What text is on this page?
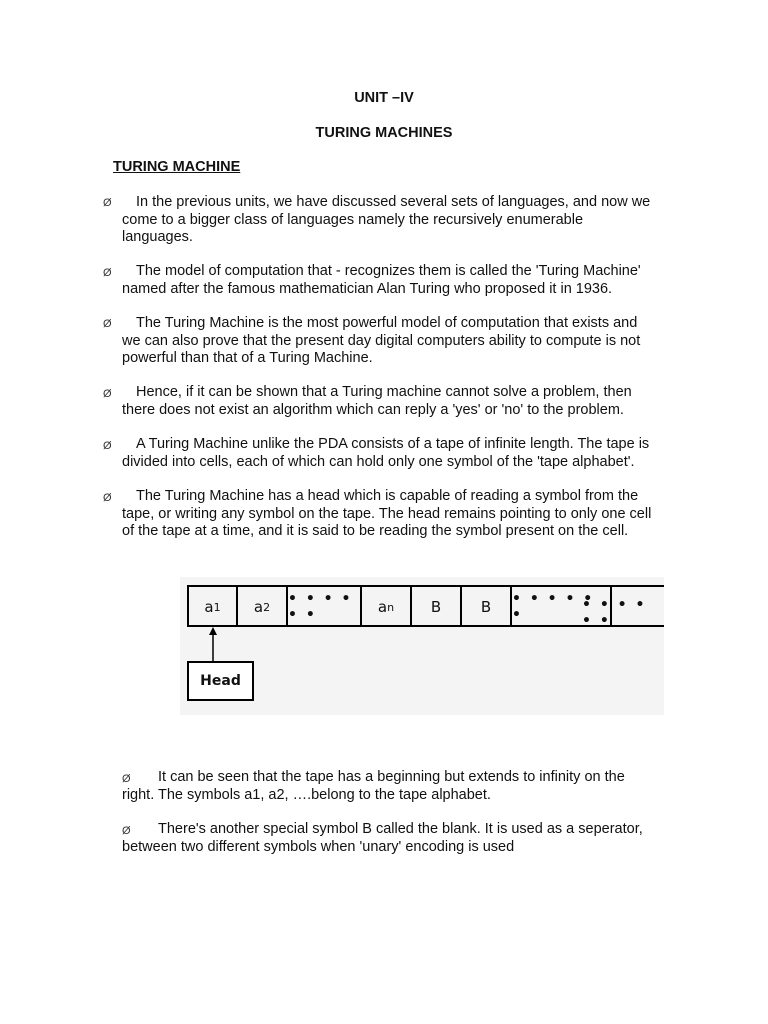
UNIT –IV
TURING MACHINES
TURING MACHINE
Ø	In the previous units, we have discussed several sets of languages, and now we
come to a bigger class of languages namely the recursively enumerable
languages.
Ø	The model of computation that - recognizes them is called the 'Turing Machine'
named after the famous mathematician Alan Turing who proposed it in 1936.
Ø	The Turing Machine is the most powerful model of computation that exists and
we can also prove that the present day digital computers ability to compute is not
powerful than that of a Turing Machine.
Ø	Hence, if it can be shown that a Turing machine cannot solve a problem, then
there does not exist an algorithm which can reply a 'yes' or 'no' to the problem.
Ø	A Turing Machine unlike the PDA consists of a tape of infinite length. The tape is
divided into cells, each of which can hold only one symbol of the 'tape alphabet'.
Ø	The Turing Machine has a head which is capable of reading a symbol from the
tape, or writing any symbol on the tape. The head remains pointing to only one cell
of the tape at a time, and it is said to be reading the symbol present on the cell.
a 1 a 2 • • • • • •	a n B	B • • • • • •
• • • • • •
Head
Ø	It can be seen that the tape has a beginning but extends to infinity on the
right. The symbols a1, a2, ….belong to the tape alphabet.
Ø	There's another special symbol B called the blank. It is used as a seperator,
between two different symbols when 'unary' encoding is used
